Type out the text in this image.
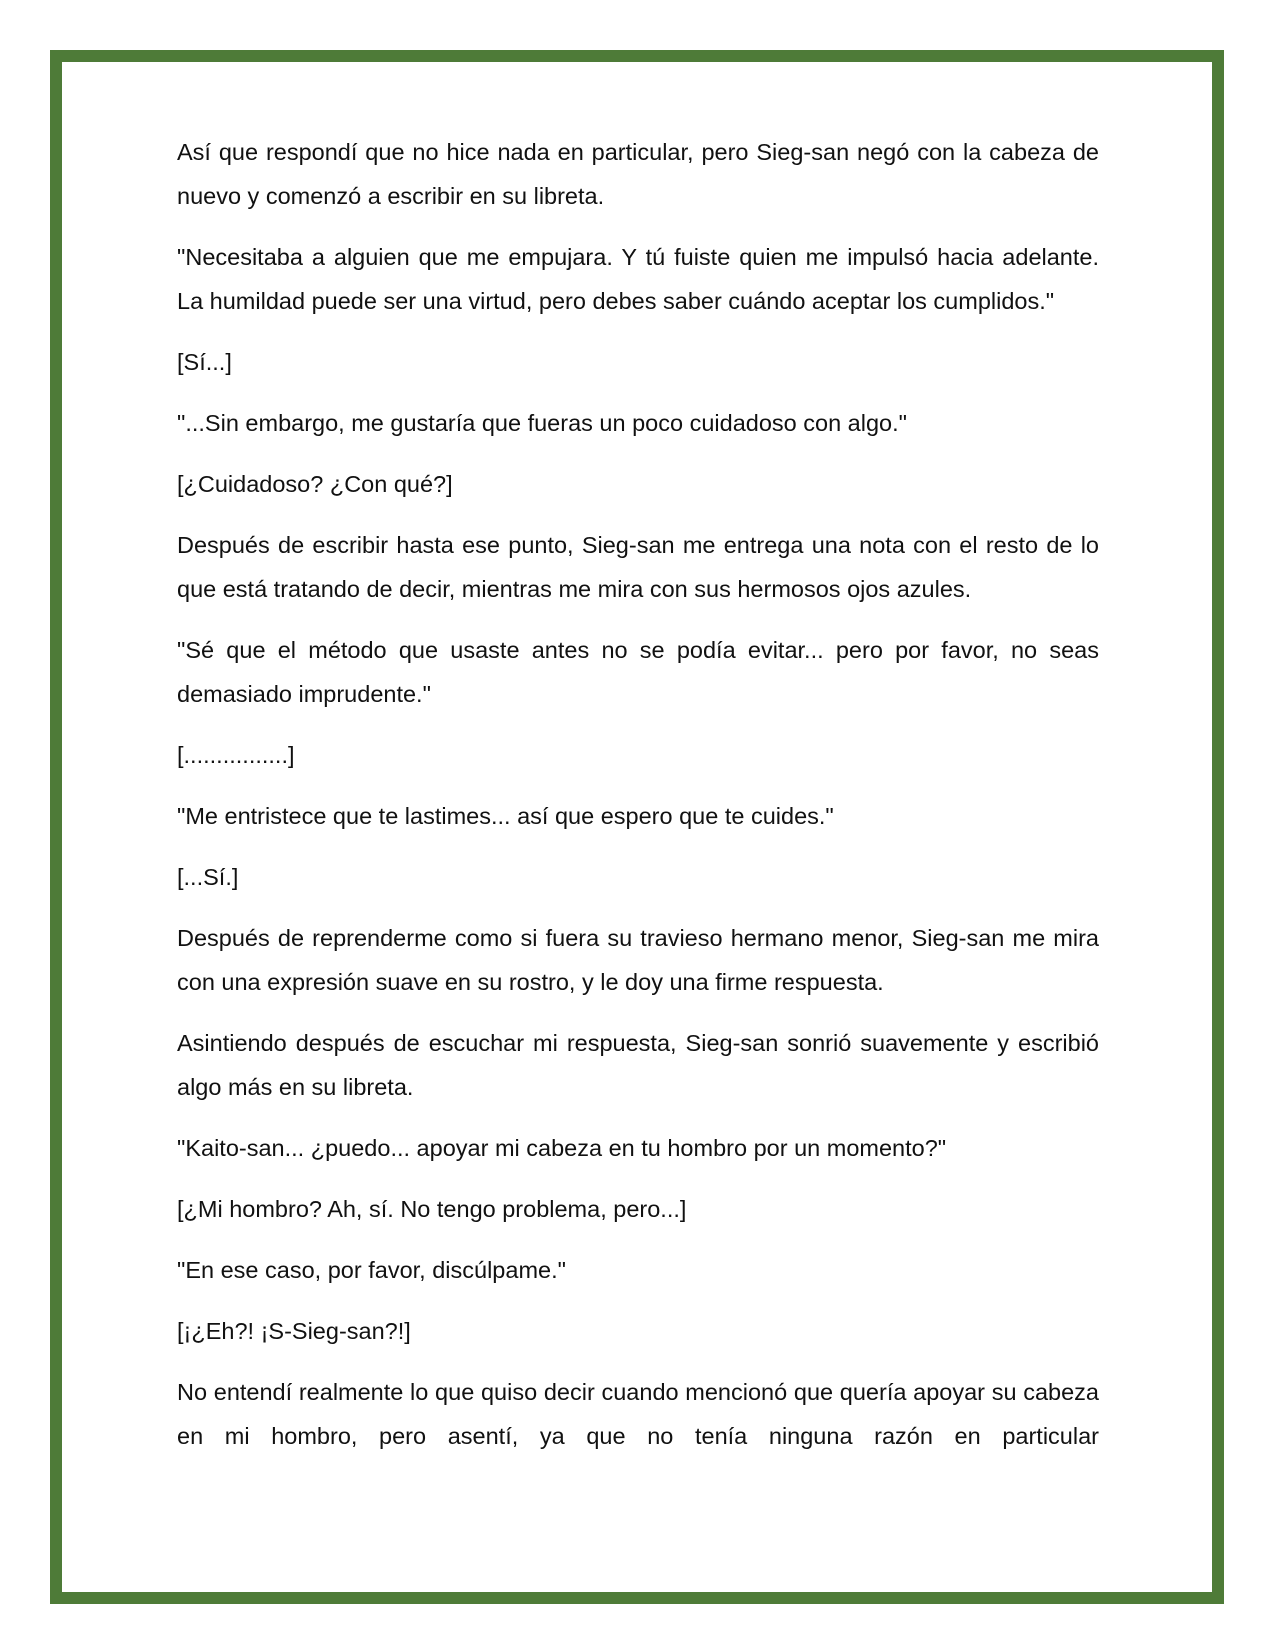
Así que respondí que no hice nada en particular, pero Sieg-san negó con la cabeza de nuevo y comenzó a escribir en su libreta.

"Necesitaba a alguien que me empujara. Y tú fuiste quien me impulsó hacia adelante. La humildad puede ser una virtud, pero debes saber cuándo aceptar los cumplidos."

[Sí...]

"...Sin embargo, me gustaría que fueras un poco cuidadoso con algo."

[¿Cuidadoso? ¿Con qué?]

Después de escribir hasta ese punto, Sieg-san me entrega una nota con el resto de lo que está tratando de decir, mientras me mira con sus hermosos ojos azules.

"Sé que el método que usaste antes no se podía evitar... pero por favor, no seas demasiado imprudente."

[................]

"Me entristece que te lastimes... así que espero que te cuides."

[...Sí.]

Después de reprenderme como si fuera su travieso hermano menor, Sieg-san me mira con una expresión suave en su rostro, y le doy una firme respuesta.

Asintiendo después de escuchar mi respuesta, Sieg-san sonrió suavemente y escribió algo más en su libreta.

"Kaito-san... ¿puedo... apoyar mi cabeza en tu hombro por un momento?"

[¿Mi hombro? Ah, sí. No tengo problema, pero...]

"En ese caso, por favor, discúlpame."

[¡¿Eh?! ¡S-Sieg-san?!]

No entendí realmente lo que quiso decir cuando mencionó que quería apoyar su cabeza en mi hombro, pero asentí, ya que no tenía ninguna razón en particular
